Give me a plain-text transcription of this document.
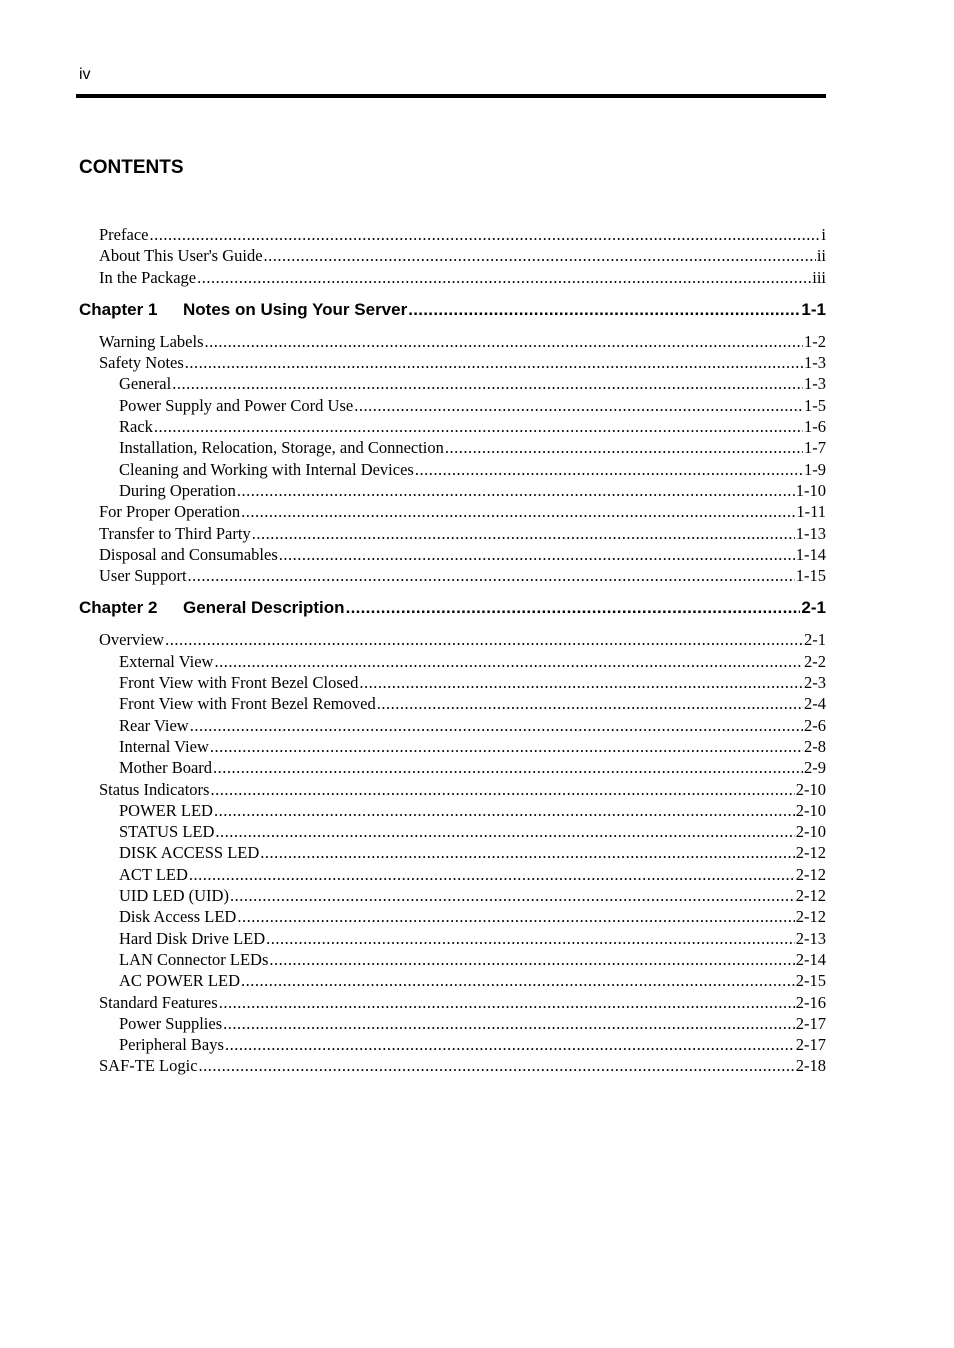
iv
CONTENTS
Preface .....	i
About This User's Guide .....	ii
In the Package .....	iii
Chapter 1 Notes on Using Your Server .....	1-1
Warning Labels .....	1-2
Safety Notes .....	1-3
General .....	1-3
Power Supply and Power Cord Use .....	1-5
Rack .....	1-6
Installation, Relocation, Storage, and Connection .....	1-7
Cleaning and Working with Internal Devices .....	1-9
During Operation .....	1-10
For Proper Operation .....	1-11
Transfer to Third Party .....	1-13
Disposal and Consumables .....	1-14
User Support .....	1-15
Chapter 2 General Description .....	2-1
Overview .....	2-1
External View .....	2-2
Front View with Front Bezel Closed .....	2-3
Front View with Front Bezel Removed .....	2-4
Rear View .....	2-6
Internal View .....	2-8
Mother Board .....	2-9
Status Indicators .....	2-10
POWER LED .....	2-10
STATUS LED .....	2-10
DISK ACCESS LED .....	2-12
ACT LED .....	2-12
UID LED (UID) .....	2-12
Disk Access LED .....	2-12
Hard Disk Drive LED .....	2-13
LAN Connector LEDs .....	2-14
AC POWER LED .....	2-15
Standard Features .....	2-16
Power Supplies .....	2-17
Peripheral Bays .....	2-17
SAF-TE Logic .....	2-18
